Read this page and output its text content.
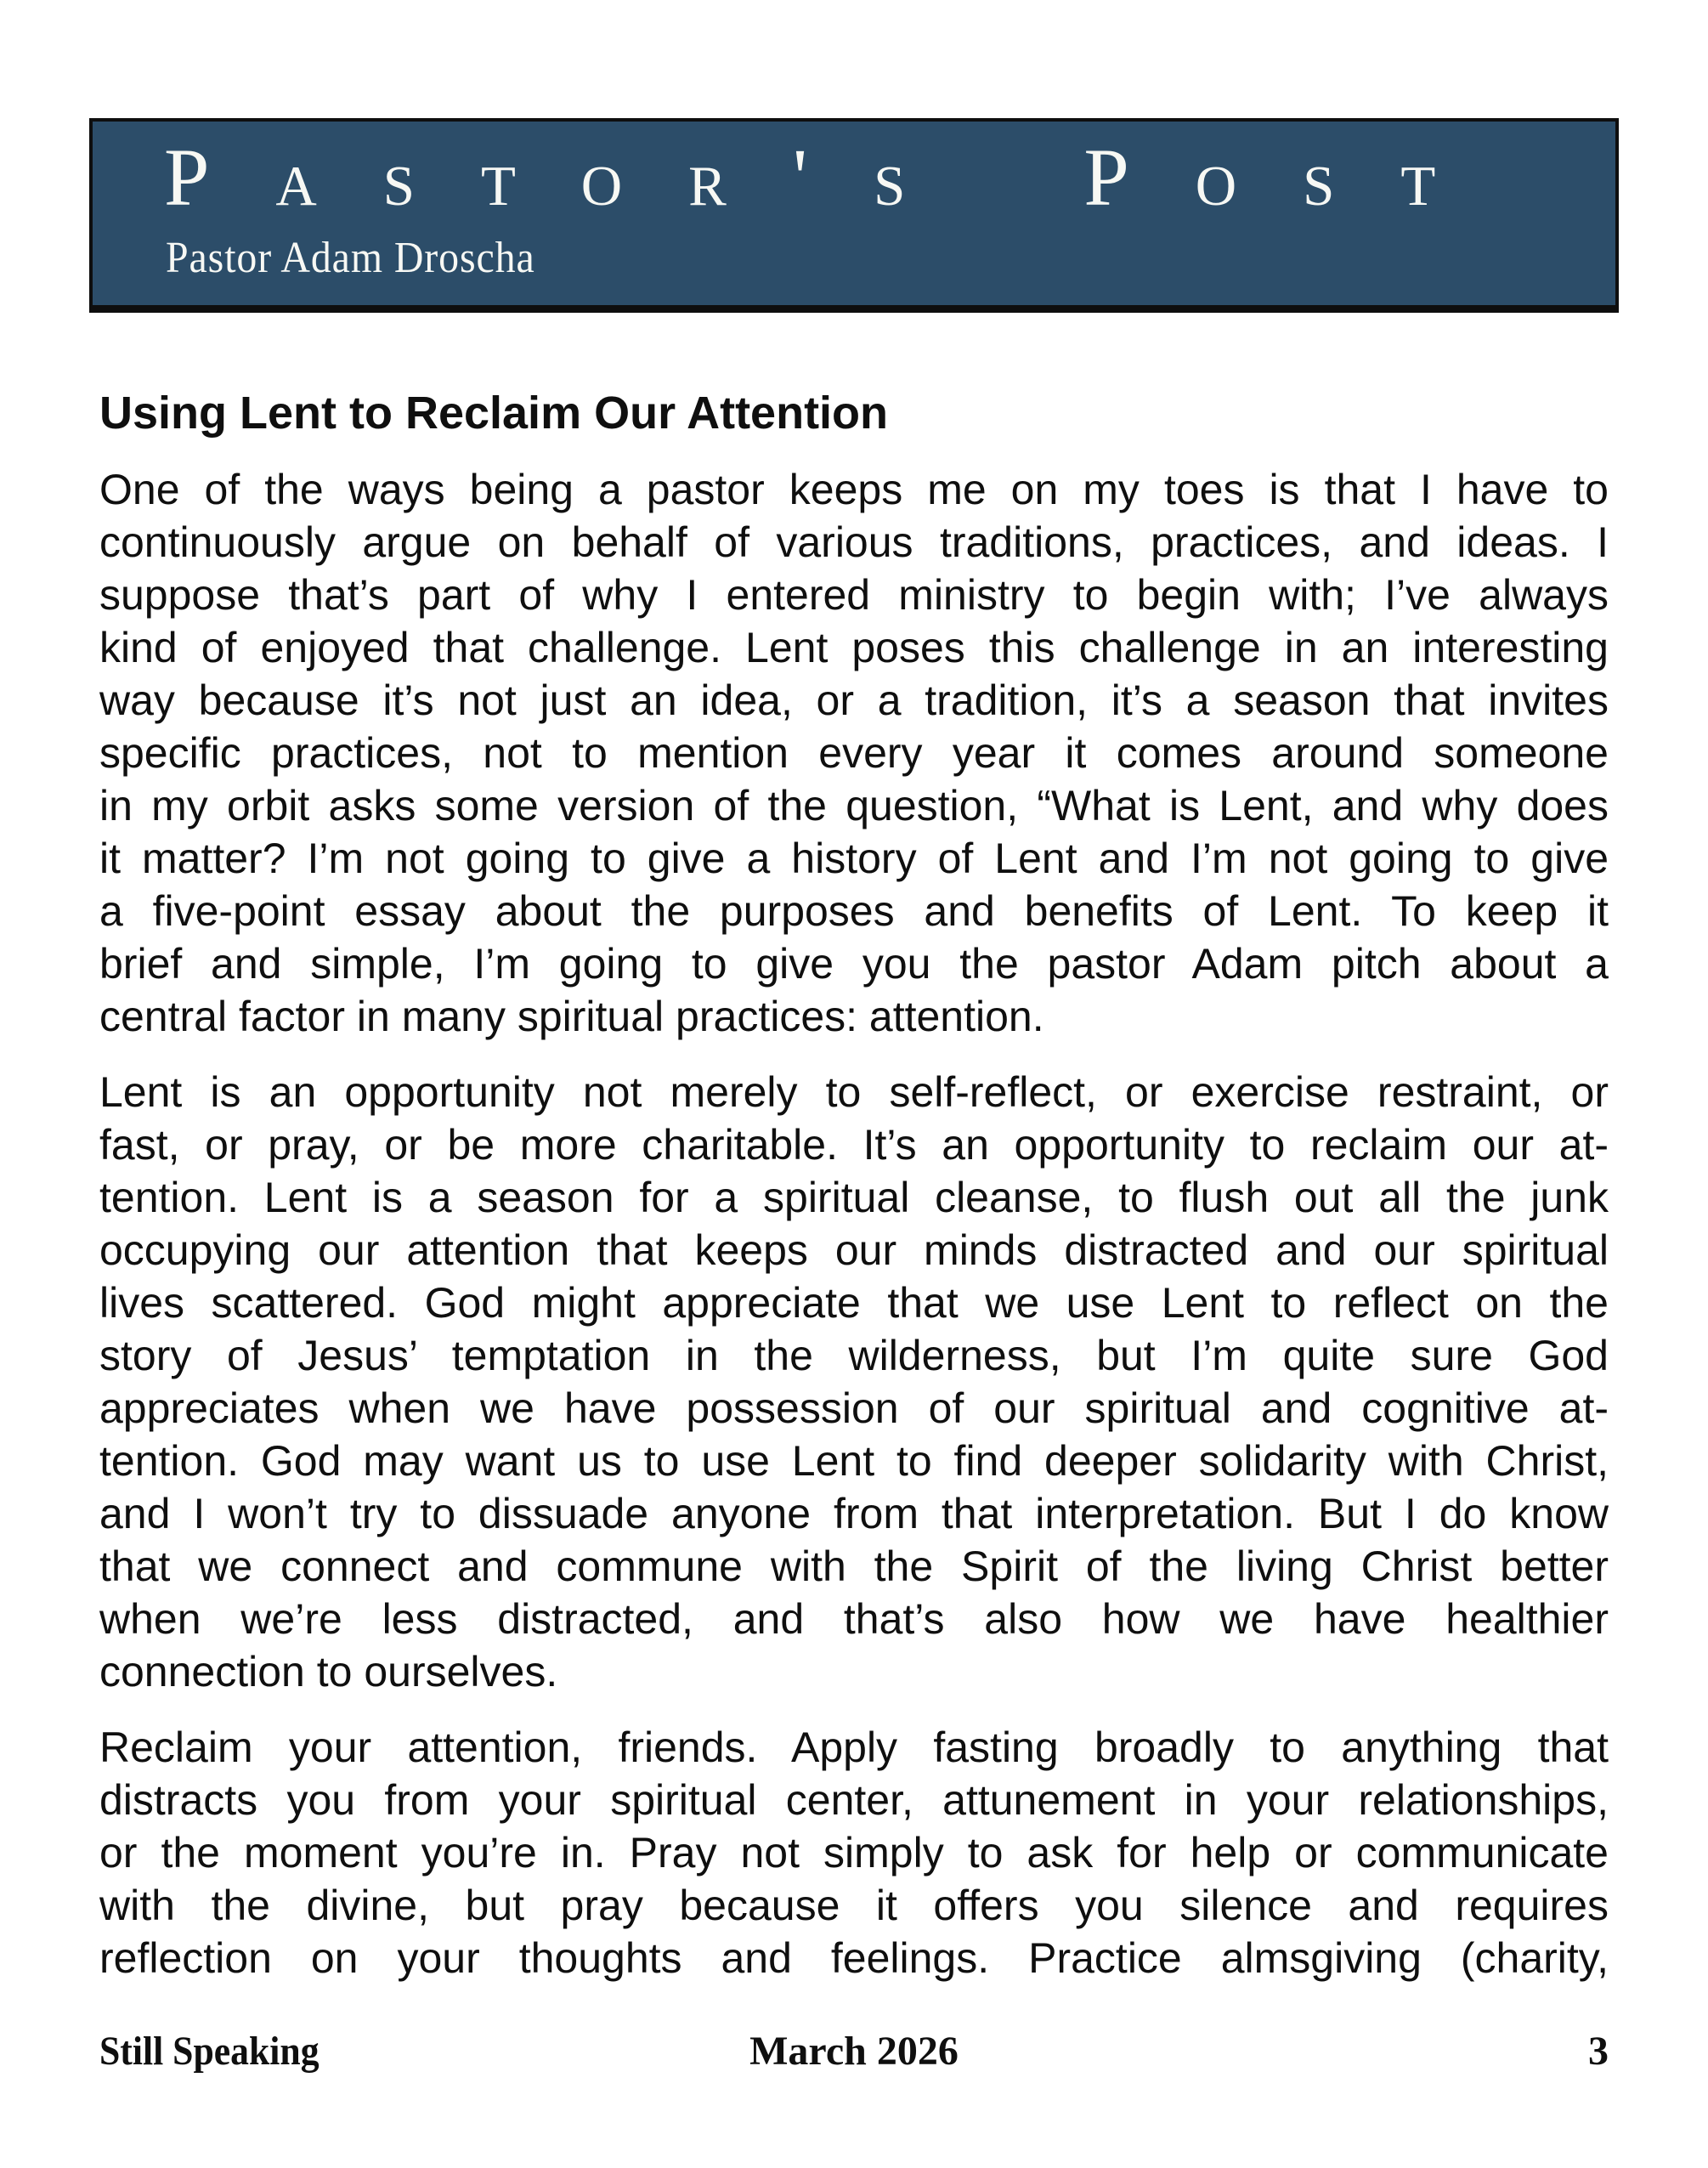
Pastor's Post
Pastor Adam Droscha
Using Lent to Reclaim Our Attention
One of the ways being a pastor keeps me on my toes is that I have to
continuously argue on behalf of various traditions, practices, and ideas. I
suppose that’s part of why I entered ministry to begin with; I’ve always
kind of enjoyed that challenge. Lent poses this challenge in an interesting
way because it’s not just an idea, or a tradition, it’s a season that invites
specific practices, not to mention every year it comes around someone
in my orbit asks some version of the question, “What is Lent, and why does
it matter? I’m not going to give a history of Lent and I’m not going to give
a five-point essay about the purposes and benefits of Lent. To keep it
brief and simple, I’m going to give you the pastor Adam pitch about a
central factor in many spiritual practices: attention.
Lent is an opportunity not merely to self-reflect, or exercise restraint, or
fast, or pray, or be more charitable. It’s an opportunity to reclaim our at-
tention. Lent is a season for a spiritual cleanse, to flush out all the junk
occupying our attention that keeps our minds distracted and our spiritual
lives scattered. God might appreciate that we use Lent to reflect on the
story of Jesus’ temptation in the wilderness, but I’m quite sure God
appreciates when we have possession of our spiritual and cognitive at-
tention. God may want us to use Lent to find deeper solidarity with Christ,
and I won’t try to dissuade anyone from that interpretation. But I do know
that we connect and commune with the Spirit of the living Christ better
when we’re less distracted, and that’s also how we have healthier
connection to ourselves.
Reclaim your attention, friends. Apply fasting broadly to anything that
distracts you from your spiritual center, attunement in your relationships,
or the moment you’re in. Pray not simply to ask for help or communicate
with the divine, but pray because it offers you silence and requires
reflection on your thoughts and feelings. Practice almsgiving (charity,
Still Speaking	March 2026	3
